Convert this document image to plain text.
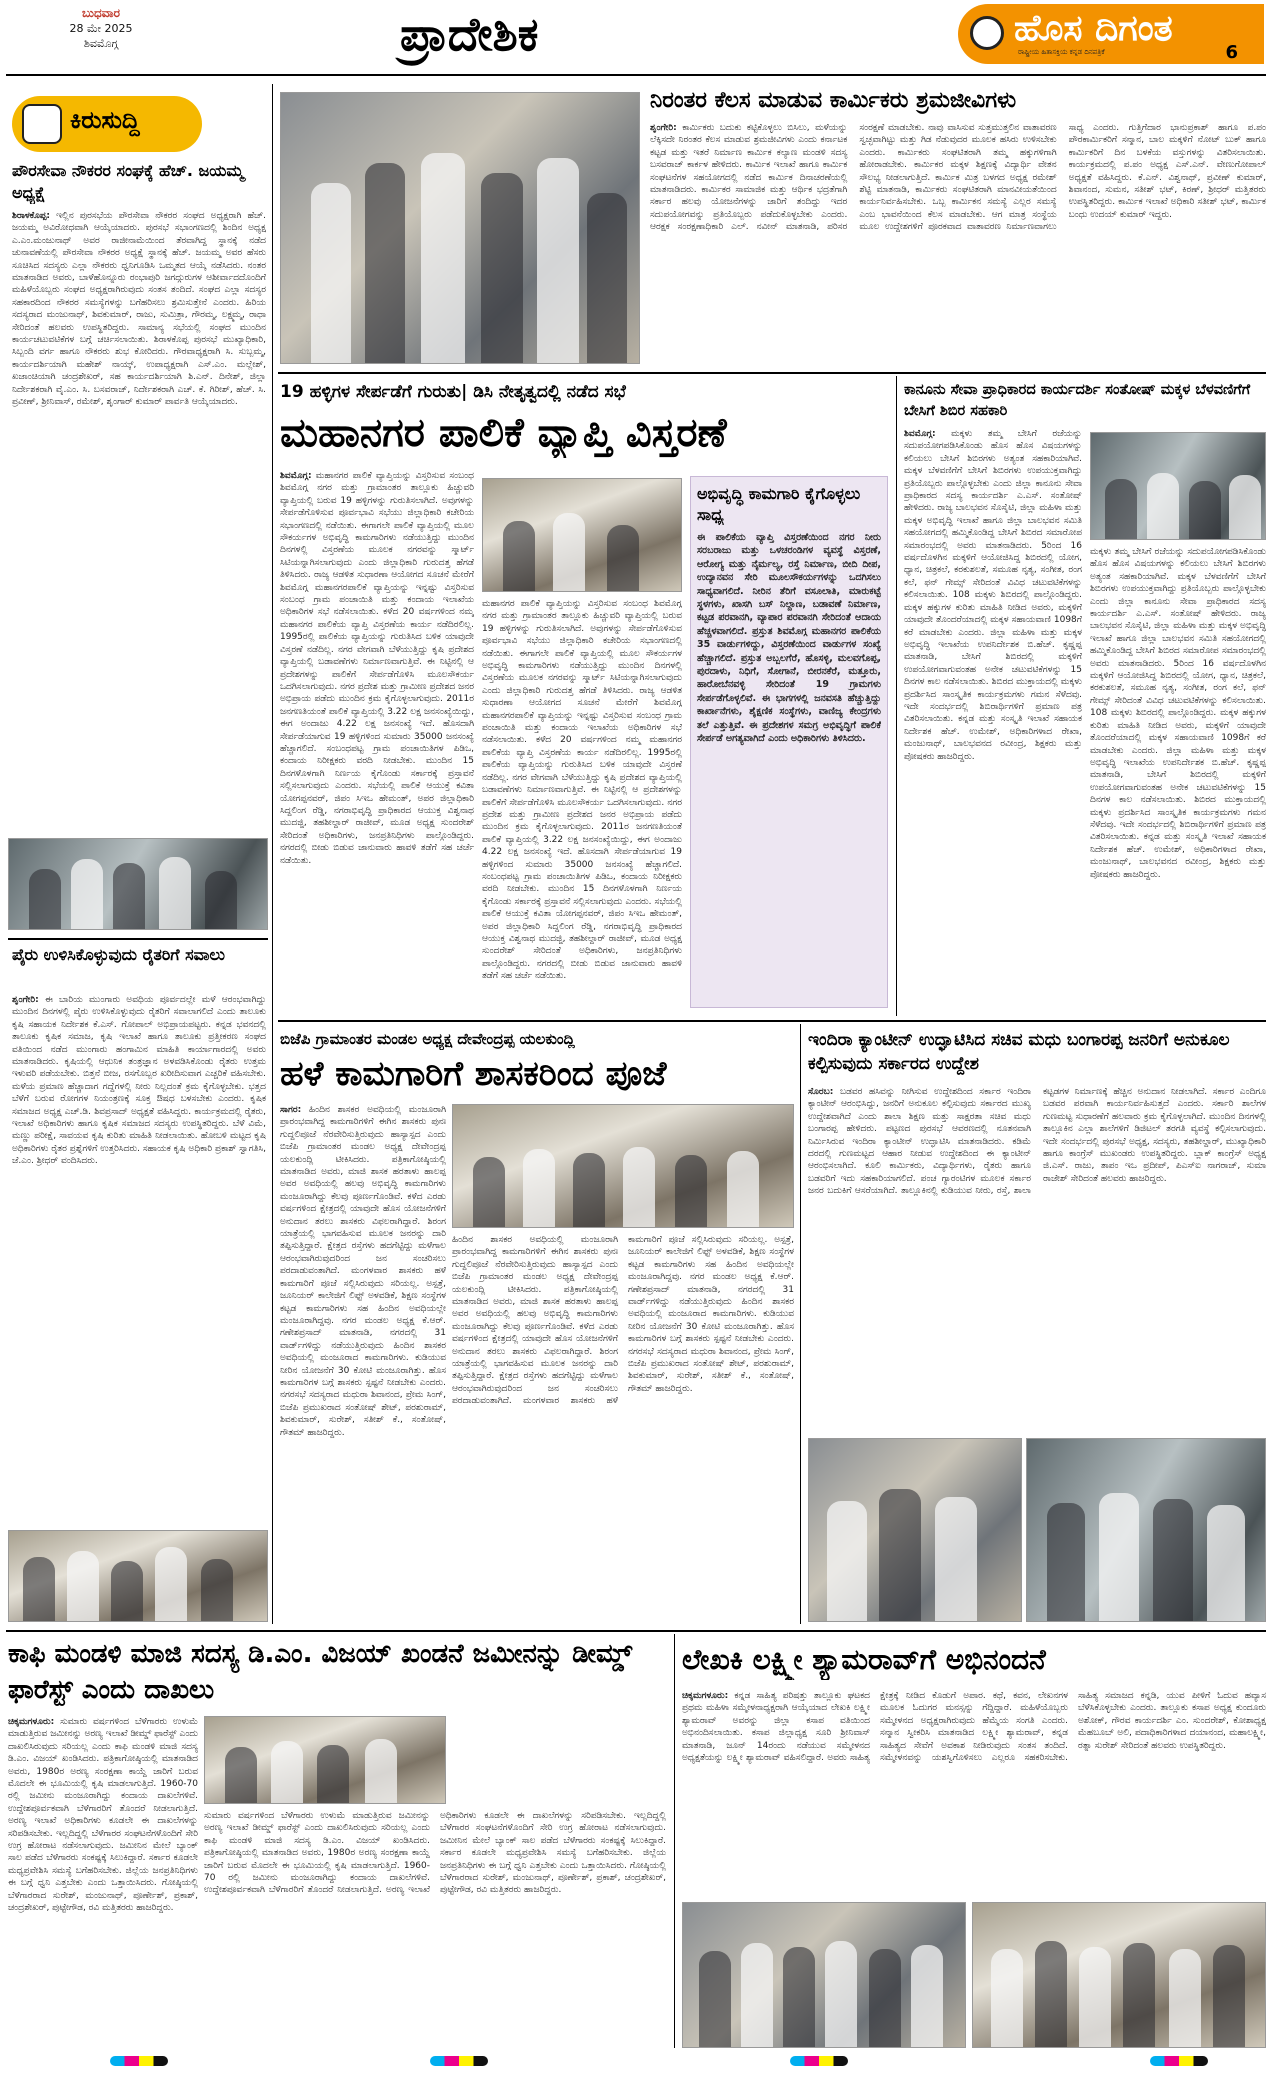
ಬುಧವಾರ
28 ಮೇ 2025
ಶಿವಮೊಗ್ಗ	ಪ್ರಾದೇಶಿಕ	ಹೊಸ ದಿಗಂತ
ರಾಷ್ಟ್ರೀಯ ಹಿತಾಸಕ್ತಿಯ ಕನ್ನಡ ದಿನಪತ್ರಿಕೆ	6
ಕಿರುಸುದ್ದಿ
ಪೌರಸೇವಾ ನೌಕರರ ಸಂಘಕ್ಕೆ ಹೆಚ್. ಜಯಮ್ಮ ಅಧ್ಯಕ್ಷೆ
ಶಿರಾಳಕೊಪ್ಪ: ಇಲ್ಲಿನ ಪುರಸಭೆಯ ಪೌರಸೇವಾ ನೌಕರರ ಸಂಘದ ಅಧ್ಯಕ್ಷರಾಗಿ ಹೆಚ್. ಜಯಮ್ಮ ಅವಿರೋಧವಾಗಿ ಆಯ್ಕೆಯಾದರು. ಪುರಸಭೆ ಸಭಾಂಗಣದಲ್ಲಿ ಶಿಂದಿನ ಅಧ್ಯಕ್ಷ ಎ.ಎಂ.ಮಂಜುನಾಥ್ ಅವರ ರಾಜೀನಾಮೆಯಿಂದ ತೆರವಾಗಿದ್ದ ಸ್ಥಾನಕ್ಕೆ ನಡೆದ ಚುನಾವಣೆಯಲ್ಲಿ ಪೌರಸೇವಾ ನೌಕರರ ಅಧ್ಯಕ್ಷೆ ಸ್ಥಾನಕ್ಕೆ ಹೆಚ್. ಜಯಮ್ಮ ಅವರ ಹೆಸರು ಸೂಚಿಸಿದ ಸದಸ್ಯರು ಎಲ್ಲಾ ನೌಕರರು ಧ್ವನಿಗೂಡಿಸಿ ಒಮ್ಮತದ ಆಯ್ಕೆ ನಡೆಸಿದರು. ನಂತರ ಮಾತನಾಡಿದ ಅವರು, ಬಾಳೆಹೊನ್ನೂರು ರಂಭಾಪುರಿ ಜಗದ್ಗುರುಗಳ ಆಶೀರ್ವಾದದೊಂದಿಗೆ ಮಹಿಳೆಯೊಬ್ಬರು ಸಂಘದ ಅಧ್ಯಕ್ಷರಾಗಿರುವುದು ಸಂತಸ ತಂದಿದೆ. ಸಂಘದ ಎಲ್ಲಾ ಸದಸ್ಯರ ಸಹಕಾರದಿಂದ ನೌಕರರ ಸಮಸ್ಯೆಗಳನ್ನು ಬಗೆಹರಿಸಲು ಶ್ರಮಿಸುತ್ತೇನೆ ಎಂದರು. ಹಿರಿಯ ಸದಸ್ಯರಾದ ಮಂಜುನಾಥ್, ಶಿವಕುಮಾರ್, ರಾಜು, ಸುಮಿತ್ರಾ, ಗೌರಮ್ಮ, ಲಕ್ಷ್ಮಮ್ಮ, ರಾಧಾ ಸೇರಿದಂತೆ ಹಲವರು ಉಪಸ್ಥಿತರಿದ್ದರು. ಸಾಮಾನ್ಯ ಸಭೆಯಲ್ಲಿ ಸಂಘದ ಮುಂದಿನ ಕಾರ್ಯಚಟುವಟಿಕೆಗಳ ಬಗ್ಗೆ ಚರ್ಚಿಸಲಾಯಿತು. ಶಿರಾಳಕೊಪ್ಪ ಪುರಸಭೆ ಮುಖ್ಯಾಧಿಕಾರಿ, ಸಿಬ್ಬಂದಿ ವರ್ಗ ಹಾಗೂ ನೌಕರರು ಶುಭ ಕೋರಿದರು. ಗೌರವಾಧ್ಯಕ್ಷರಾಗಿ ಸಿ. ಸುಬ್ಬಮ್ಮ, ಕಾರ್ಯದರ್ಶಿಯಾಗಿ ಮಹೇಶ್ ನಾಯ್ಕ್, ಉಪಾಧ್ಯಕ್ಷರಾಗಿ ಎಸ್.ಎಂ. ಮಲ್ಲೇಶ್, ಖಜಾಂಚಿಯಾಗಿ ಚಂದ್ರಶೇಖರ್, ಸಹ ಕಾರ್ಯದರ್ಶಿಯಾಗಿ ಶಿ.ಎನ್. ದಿನೇಶ್, ಜಿಲ್ಲಾ ನಿರ್ದೇಶಕರಾಗಿ ವೈ.ಎಂ. ಸಿ. ಬಸವರಾಜ್, ನಿರ್ದೇಶಕರಾಗಿ ಎಚ್. ಕೆ. ಗಿರೀಶ್, ಹೆಚ್. ಸಿ. ಪ್ರವೀಣ್, ಶ್ರೀನಿವಾಸ್, ರಮೇಶ್, ಶೃಂಗಾರ್ ಕುಮಾರ್ ಪಾರ್ವತಿ ಆಯ್ಕೆಯಾದರು.
ಪೈರು ಉಳಿಸಿಕೊಳ್ಳುವುದು ರೈತರಿಗೆ ಸವಾಲು
ಶೃಂಗೇರಿ: ಈ ಬಾರಿಯ ಮುಂಗಾರು ಅವಧಿಯ ಪೂರ್ವದಲ್ಲೇ ಮಳೆ ಆರಂಭವಾಗಿದ್ದು ಮುಂದಿನ ದಿನಗಳಲ್ಲಿ ಪೈರು ಉಳಿಸಿಕೊಳ್ಳುವುದು ರೈತರಿಗೆ ಸವಾಲಾಗಲಿದೆ ಎಂದು ತಾಲೂಕು ಕೃಷಿ ಸಹಾಯಕ ನಿರ್ದೇಶಕ ಕೆ.ಎಸ್. ಗೋಪಾಲ್ ಅಭಿಪ್ರಾಯಪಟ್ಟರು. ಕನ್ನಡ ಭವನದಲ್ಲಿ ತಾಲೂಕು ಕೃಷಿಕ ಸಮಾಜ, ಕೃಷಿ ಇಲಾಖೆ ಹಾಗೂ ತಾಲೂಕು ಪ್ರತ್ತೀಕರಣ ಸಂಘದ ವತಿಯಿಂದ ನಡೆದ ಮುಂಗಾರು ಹಂಗಾಮಿನ ಮಾಹಿತಿ ಕಾರ್ಯಾಗಾರದಲ್ಲಿ ಅವರು ಮಾತನಾಡಿದರು. ಕೃಷಿಯಲ್ಲಿ ಆಧುನಿಕ ತಂತ್ರಜ್ಞಾನ ಅಳವಡಿಸಿಕೊಂಡು ರೈತರು ಉತ್ತಮ ಇಳುವರಿ ಪಡೆಯಬೇಕು. ಬಿತ್ತನೆ ಬೀಜ, ರಸಗೊಬ್ಬರ ಖರೀದಿಸುವಾಗ ಎಚ್ಚರಿಕೆ ವಹಿಸಬೇಕು. ಮಳೆಯ ಪ್ರಮಾಣ ಹೆಚ್ಚಾದಾಗ ಗದ್ದೆಗಳಲ್ಲಿ ನೀರು ನಿಲ್ಲದಂತೆ ಕ್ರಮ ಕೈಗೊಳ್ಳಬೇಕು. ಭತ್ತದ ಬೆಳೆಗೆ ಬರುವ ರೋಗಗಳ ನಿಯಂತ್ರಣಕ್ಕೆ ಸೂಕ್ತ ಔಷಧ ಬಳಸಬೇಕು ಎಂದರು. ಕೃಷಿಕ ಸಮಾಜದ ಅಧ್ಯಕ್ಷ ಎಚ್.ಡಿ. ಶಿವಪ್ರಸಾದ್ ಅಧ್ಯಕ್ಷತೆ ವಹಿಸಿದ್ದರು. ಕಾರ್ಯಕ್ರಮದಲ್ಲಿ ರೈತರು, ಇಲಾಖೆ ಅಧಿಕಾರಿಗಳು ಹಾಗೂ ಕೃಷಿಕ ಸಮಾಜದ ಸದಸ್ಯರು ಉಪಸ್ಥಿತರಿದ್ದರು. ಬೆಳೆ ವಿಮೆ, ಮಣ್ಣು ಪರೀಕ್ಷೆ, ಸಾವಯವ ಕೃಷಿ ಕುರಿತು ಮಾಹಿತಿ ನೀಡಲಾಯಿತು. ಹೋಬಳಿ ಮಟ್ಟದ ಕೃಷಿ ಅಧಿಕಾರಿಗಳು ರೈತರ ಪ್ರಶ್ನೆಗಳಿಗೆ ಉತ್ತರಿಸಿದರು. ಸಹಾಯಕ ಕೃಷಿ ಅಧಿಕಾರಿ ಪ್ರಕಾಶ್ ಸ್ವಾಗತಿಸಿ, ಜೆ.ಎಂ. ಶ್ರೀಧರ್ ವಂದಿಸಿದರು.
ನಿರಂತರ ಕೆಲಸ ಮಾಡುವ ಕಾರ್ಮಿಕರು ಶ್ರಮಜೀವಿಗಳು
ಶೃಂಗೇರಿ: ಕಾರ್ಮಿಕರು ಬದುಕು ಕಟ್ಟಿಕೊಳ್ಳಲು ಬಿಸಿಲು, ಮಳೆಯನ್ನು ಲೆಕ್ಕಿಸದೇ ನಿರಂತರ ಕೆಲಸ ಮಾಡುವ ಶ್ರಮಜೀವಿಗಳು ಎಂದು ಕರ್ನಾಟಕ ಕಟ್ಟಡ ಮತ್ತು ಇತರೆ ನಿರ್ಮಾಣ ಕಾರ್ಮಿಕ ಕಲ್ಯಾಣ ಮಂಡಳಿ ಸದಸ್ಯ ಬಸವರಾಜ್ ಕಾರ್ಕಳ ಹೇಳಿದರು. ಕಾರ್ಮಿಕ ಇಲಾಖೆ ಹಾಗೂ ಕಾರ್ಮಿಕ ಸಂಘಟನೆಗಳ ಸಹಯೋಗದಲ್ಲಿ ನಡೆದ ಕಾರ್ಮಿಕ ದಿನಾಚರಣೆಯಲ್ಲಿ ಮಾತನಾಡಿದರು. ಕಾರ್ಮಿಕರ ಸಾಮಾಜಿಕ ಮತ್ತು ಆರ್ಥಿಕ ಭದ್ರತೆಗಾಗಿ ಸರ್ಕಾರ ಹಲವು ಯೋಜನೆಗಳನ್ನು ಜಾರಿಗೆ ತಂದಿದ್ದು ಇದರ ಸದುಪಯೋಗವನ್ನು ಪ್ರತಿಯೊಬ್ಬರು ಪಡೆದುಕೊಳ್ಳಬೇಕು ಎಂದರು. ಆರಕ್ಷಕ ಸಂರಕ್ಷಣಾಧಿಕಾರಿ ಎಲ್. ನವೀನ್ ಮಾತನಾಡಿ, ಪರಿಸರ ಸಂರಕ್ಷಣೆ ಮಾಡಬೇಕು. ನಾವು ವಾಸಿಸುವ ಸುತ್ತಮುತ್ತಲಿನ ವಾತಾವರಣ ಸ್ವಚ್ಛವಾಗಿಟ್ಟು ಮತ್ತು ಗಿಡ ನೆಡುವುದರ ಮೂಲಕ ಹಸಿರು ಉಳಿಸಬೇಕು ಎಂದರು. ಕಾರ್ಮಿಕರು ಸಂಘಟಿತರಾಗಿ ತಮ್ಮ ಹಕ್ಕುಗಳಿಗಾಗಿ ಹೋರಾಡಬೇಕು. ಕಾರ್ಮಿಕರ ಮಕ್ಕಳ ಶಿಕ್ಷಣಕ್ಕೆ ವಿದ್ಯಾರ್ಥಿ ವೇತನ ಸೌಲಭ್ಯ ನೀಡಲಾಗುತ್ತಿದೆ. ಕಾರ್ಮಿಕ ಮಿತ್ರ ಬಳಗದ ಅಧ್ಯಕ್ಷ ರಮೇಶ್ ಶೆಟ್ಟಿ ಮಾತನಾಡಿ, ಕಾರ್ಮಿಕರು ಸಂಘಟಿತರಾಗಿ ಮಾನವೀಯತೆಯಿಂದ ಕಾರ್ಯನಿರ್ವಹಿಸಬೇಕು. ಒಬ್ಬ ಕಾರ್ಮಿಕನ ಸಮಸ್ಯೆ ಎಲ್ಲರ ಸಮಸ್ಯೆ ಎಂಬ ಭಾವನೆಯಿಂದ ಕೆಲಸ ಮಾಡಬೇಕು. ಆಗ ಮಾತ್ರ ಸಂಸ್ಥೆಯ ಮೂಲ ಉದ್ದೇಶಗಳಿಗೆ ಪೂರಕವಾದ ವಾತಾವರಣ ನಿರ್ಮಾಣವಾಗಲು ಸಾಧ್ಯ ಎಂದರು. ಗುತ್ತಿಗೆದಾರ ಭಾನುಪ್ರಕಾಶ್ ಹಾಗೂ ಪ.ಪಂ ಪೌರಕಾರ್ಮಿಕರಿಗೆ ಸನ್ಮಾನ, ಬಾಲ ಮಕ್ಕಳಿಗೆ ನೋಟ್ ಬುಕ್ ಹಾಗೂ ಕಾರ್ಮಿಕರಿಗೆ ದಿನ ಬಳಕೆಯ ವಸ್ತುಗಳನ್ನು ವಿತರಿಸಲಾಯಿತು. ಕಾರ್ಯಕ್ರಮದಲ್ಲಿ ಪ.ಪಂ ಅಧ್ಯಕ್ಷ ಎಸ್.ಎನ್. ವೇಣುಗೋಪಾಲ್ ಅಧ್ಯಕ್ಷತೆ ವಹಿಸಿದ್ದರು. ಕೆ.ಎನ್. ವಿಶ್ವನಾಥ್, ಪ್ರವೀಣ್ ಕುಮಾರ್, ಶಿವಾನಂದ, ಸುಮನ, ಸತೀಶ್ ಭಟ್, ಕಿರಣ್, ಶ್ರೀಧರ್ ಮತ್ತಿತರರು ಉಪಸ್ಥಿತರಿದ್ದರು. ಕಾರ್ಮಿಕ ಇಲಾಖೆ ಅಧಿಕಾರಿ ಸತೀಶ್ ಭಟ್, ಕಾರ್ಮಿಕ ಬಂಧು ಉದಯ್ ಕುಮಾರ್ ಇದ್ದರು.
19 ಹಳ್ಳಿಗಳ ಸೇರ್ಪಡೆಗೆ ಗುರುತು| ಡಿಸಿ ನೇತೃತ್ವದಲ್ಲಿ ನಡೆದ ಸಭೆ
ಮಹಾನಗರ ಪಾಲಿಕೆ ವ್ಯಾಪ್ತಿ ವಿಸ್ತರಣೆ
ಶಿವಮೊಗ್ಗ: ಮಹಾನಗರ ಪಾಲಿಕೆ ವ್ಯಾಪ್ತಿಯನ್ನು ವಿಸ್ತರಿಸುವ ಸಂಬಂಧ ಶಿವಮೊಗ್ಗ ನಗರ ಮತ್ತು ಗ್ರಾಮಾಂತರ ತಾಲ್ಲೂಕು ಹಿಚ್ಚುವರಿ ವ್ಯಾಪ್ತಿಯಲ್ಲಿ ಬರುವ 19 ಹಳ್ಳಿಗಳನ್ನು ಗುರುತಿಸಲಾಗಿದೆ. ಅವುಗಳನ್ನು ಸೇರ್ಪಡೆಗೊಳಿಸುವ ಪೂರ್ವಭಾವಿ ಸಭೆಯು ಜಿಲ್ಲಾಧಿಕಾರಿ ಕಚೇರಿಯ ಸಭಾಂಗಣದಲ್ಲಿ ನಡೆಯಿತು. ಈಗಾಗಲೇ ಪಾಲಿಕೆ ವ್ಯಾಪ್ತಿಯಲ್ಲಿ ಮೂಲ ಸೌಕರ್ಯಗಳ ಅಭಿವೃದ್ಧಿ ಕಾಮಗಾರಿಗಳು ನಡೆಯುತ್ತಿದ್ದು ಮುಂದಿನ ದಿನಗಳಲ್ಲಿ ವಿಸ್ತರಣೆಯ ಮೂಲಕ ನಗರವನ್ನು ಸ್ಮಾರ್ಟ್ ಸಿಟಿಯನ್ನಾಗಿಸಲಾಗುವುದು ಎಂದು ಜಿಲ್ಲಾಧಿಕಾರಿ ಗುರುದತ್ತ ಹೆಗಡೆ ತಿಳಿಸಿದರು. ರಾಜ್ಯ ಆಡಳಿತ ಸುಧಾರಣಾ ಆಯೋಗದ ಸೂಚನೆ ಮೇರೆಗೆ ಶಿವಮೊಗ್ಗ ಮಹಾನಗರಪಾಲಿಕೆ ವ್ಯಾಪ್ತಿಯನ್ನು ಇನ್ನಷ್ಟು ವಿಸ್ತರಿಸುವ ಸಂಬಂಧ ಗ್ರಾಮ ಪಂಚಾಯಿತಿ ಮತ್ತು ಕಂದಾಯ ಇಲಾಖೆಯ ಅಧಿಕಾರಿಗಳ ಸಭೆ ನಡೆಸಲಾಯಿತು. ಕಳೆದ 20 ವರ್ಷಗಳಿಂದ ನಮ್ಮ ಮಹಾನಗರ ಪಾಲಿಕೆಯ ವ್ಯಾಪ್ತಿ ವಿಸ್ತರಣೆಯ ಕಾರ್ಯ ನಡೆದಿರಲಿಲ್ಲ. 1995ರಲ್ಲಿ ಪಾಲಿಕೆಯ ವ್ಯಾಪ್ತಿಯನ್ನು ಗುರುತಿಸಿದ ಬಳಿಕ ಯಾವುದೇ ವಿಸ್ತರಣೆ ನಡೆದಿಲ್ಲ. ನಗರ ವೇಗವಾಗಿ ಬೆಳೆಯುತ್ತಿದ್ದು ಕೃಷಿ ಪ್ರದೇಶದ ವ್ಯಾಪ್ತಿಯಲ್ಲಿ ಬಡಾವಣೆಗಳು ನಿರ್ಮಾಣವಾಗುತ್ತಿವೆ. ಈ ನಿಟ್ಟಿನಲ್ಲಿ ಆ ಪ್ರದೇಶಗಳನ್ನು ಪಾಲಿಕೆಗೆ ಸೇರ್ಪಡೆಗೊಳಿಸಿ ಮೂಲಸೌಕರ್ಯ ಒದಗಿಸಲಾಗುವುದು. ನಗರ ಪ್ರದೇಶ ಮತ್ತು ಗ್ರಾಮೀಣ ಪ್ರದೇಶದ ಜನರ ಅಭಿಪ್ರಾಯ ಪಡೆದು ಮುಂದಿನ ಕ್ರಮ ಕೈಗೊಳ್ಳಲಾಗುವುದು. 2011ರ ಜನಗಣತಿಯಂತೆ ಪಾಲಿಕೆ ವ್ಯಾಪ್ತಿಯಲ್ಲಿ 3.22 ಲಕ್ಷ ಜನಸಂಖ್ಯೆಯಿದ್ದು, ಈಗ ಅಂದಾಜು 4.22 ಲಕ್ಷ ಜನಸಂಖ್ಯೆ ಇದೆ. ಹೊಸದಾಗಿ ಸೇರ್ಪಡೆಯಾಗುವ 19 ಹಳ್ಳಿಗಳಿಂದ ಸುಮಾರು 35000 ಜನಸಂಖ್ಯೆ ಹೆಚ್ಚಾಗಲಿದೆ. ಸಂಬಂಧಪಟ್ಟ ಗ್ರಾಮ ಪಂಚಾಯಿತಿಗಳ ಪಿಡಿಒ, ಕಂದಾಯ ನಿರೀಕ್ಷಕರು ವರದಿ ನೀಡಬೇಕು. ಮುಂದಿನ 15 ದಿನಗಳೊಳಗಾಗಿ ನಿರ್ಣಯ ಕೈಗೊಂಡು ಸರ್ಕಾರಕ್ಕೆ ಪ್ರಸ್ತಾವನೆ ಸಲ್ಲಿಸಲಾಗುವುದು ಎಂದರು. ಸಭೆಯಲ್ಲಿ ಪಾಲಿಕೆ ಆಯುಕ್ತೆ ಕವಿತಾ ಯೋಗಪ್ಪನವರ್, ಜಿಪಂ ಸಿಇಒ ಹೇಮಂತ್, ಅಪರ ಜಿಲ್ಲಾಧಿಕಾರಿ ಸಿದ್ದಲಿಂಗ ರೆಡ್ಡಿ, ನಗರಾಭಿವೃದ್ಧಿ ಪ್ರಾಧಿಕಾರದ ಆಯುಕ್ತ ವಿಶ್ವನಾಥ ಮುದಜ್ಜಿ, ತಹಶೀಲ್ದಾರ್ ರಾಜೀವ್, ಮೂಡ ಅಧ್ಯಕ್ಷ ಸುಂದರೇಶ್ ಸೇರಿದಂತೆ ಅಧಿಕಾರಿಗಳು, ಜನಪ್ರತಿನಿಧಿಗಳು ಪಾಲ್ಗೊಂಡಿದ್ದರು. ನಗರದಲ್ಲಿ ಬೀಡು ಬಿಡುವ ಜಾನುವಾರು ಹಾವಳಿ ತಡೆಗೆ ಸಹ ಚರ್ಚೆ ನಡೆಯಿತು.
ಮಹಾನಗರ ಪಾಲಿಕೆ ವ್ಯಾಪ್ತಿಯನ್ನು ವಿಸ್ತರಿಸುವ ಸಂಬಂಧ ಶಿವಮೊಗ್ಗ ನಗರ ಮತ್ತು ಗ್ರಾಮಾಂತರ ತಾಲ್ಲೂಕು ಹಿಚ್ಚುವರಿ ವ್ಯಾಪ್ತಿಯಲ್ಲಿ ಬರುವ 19 ಹಳ್ಳಿಗಳನ್ನು ಗುರುತಿಸಲಾಗಿದೆ. ಅವುಗಳನ್ನು ಸೇರ್ಪಡೆಗೊಳಿಸುವ ಪೂರ್ವಭಾವಿ ಸಭೆಯು ಜಿಲ್ಲಾಧಿಕಾರಿ ಕಚೇರಿಯ ಸಭಾಂಗಣದಲ್ಲಿ ನಡೆಯಿತು. ಈಗಾಗಲೇ ಪಾಲಿಕೆ ವ್ಯಾಪ್ತಿಯಲ್ಲಿ ಮೂಲ ಸೌಕರ್ಯಗಳ ಅಭಿವೃದ್ಧಿ ಕಾಮಗಾರಿಗಳು ನಡೆಯುತ್ತಿದ್ದು ಮುಂದಿನ ದಿನಗಳಲ್ಲಿ ವಿಸ್ತರಣೆಯ ಮೂಲಕ ನಗರವನ್ನು ಸ್ಮಾರ್ಟ್ ಸಿಟಿಯನ್ನಾಗಿಸಲಾಗುವುದು ಎಂದು ಜಿಲ್ಲಾಧಿಕಾರಿ ಗುರುದತ್ತ ಹೆಗಡೆ ತಿಳಿಸಿದರು. ರಾಜ್ಯ ಆಡಳಿತ ಸುಧಾರಣಾ ಆಯೋಗದ ಸೂಚನೆ ಮೇರೆಗೆ ಶಿವಮೊಗ್ಗ ಮಹಾನಗರಪಾಲಿಕೆ ವ್ಯಾಪ್ತಿಯನ್ನು ಇನ್ನಷ್ಟು ವಿಸ್ತರಿಸುವ ಸಂಬಂಧ ಗ್ರಾಮ ಪಂಚಾಯಿತಿ ಮತ್ತು ಕಂದಾಯ ಇಲಾಖೆಯ ಅಧಿಕಾರಿಗಳ ಸಭೆ ನಡೆಸಲಾಯಿತು. ಕಳೆದ 20 ವರ್ಷಗಳಿಂದ ನಮ್ಮ ಮಹಾನಗರ ಪಾಲಿಕೆಯ ವ್ಯಾಪ್ತಿ ವಿಸ್ತರಣೆಯ ಕಾರ್ಯ ನಡೆದಿರಲಿಲ್ಲ. 1995ರಲ್ಲಿ ಪಾಲಿಕೆಯ ವ್ಯಾಪ್ತಿಯನ್ನು ಗುರುತಿಸಿದ ಬಳಿಕ ಯಾವುದೇ ವಿಸ್ತರಣೆ ನಡೆದಿಲ್ಲ. ನಗರ ವೇಗವಾಗಿ ಬೆಳೆಯುತ್ತಿದ್ದು ಕೃಷಿ ಪ್ರದೇಶದ ವ್ಯಾಪ್ತಿಯಲ್ಲಿ ಬಡಾವಣೆಗಳು ನಿರ್ಮಾಣವಾಗುತ್ತಿವೆ. ಈ ನಿಟ್ಟಿನಲ್ಲಿ ಆ ಪ್ರದೇಶಗಳನ್ನು ಪಾಲಿಕೆಗೆ ಸೇರ್ಪಡೆಗೊಳಿಸಿ ಮೂಲಸೌಕರ್ಯ ಒದಗಿಸಲಾಗುವುದು. ನಗರ ಪ್ರದೇಶ ಮತ್ತು ಗ್ರಾಮೀಣ ಪ್ರದೇಶದ ಜನರ ಅಭಿಪ್ರಾಯ ಪಡೆದು ಮುಂದಿನ ಕ್ರಮ ಕೈಗೊಳ್ಳಲಾಗುವುದು. 2011ರ ಜನಗಣತಿಯಂತೆ ಪಾಲಿಕೆ ವ್ಯಾಪ್ತಿಯಲ್ಲಿ 3.22 ಲಕ್ಷ ಜನಸಂಖ್ಯೆಯಿದ್ದು, ಈಗ ಅಂದಾಜು 4.22 ಲಕ್ಷ ಜನಸಂಖ್ಯೆ ಇದೆ. ಹೊಸದಾಗಿ ಸೇರ್ಪಡೆಯಾಗುವ 19 ಹಳ್ಳಿಗಳಿಂದ ಸುಮಾರು 35000 ಜನಸಂಖ್ಯೆ ಹೆಚ್ಚಾಗಲಿದೆ. ಸಂಬಂಧಪಟ್ಟ ಗ್ರಾಮ ಪಂಚಾಯಿತಿಗಳ ಪಿಡಿಒ, ಕಂದಾಯ ನಿರೀಕ್ಷಕರು ವರದಿ ನೀಡಬೇಕು. ಮುಂದಿನ 15 ದಿನಗಳೊಳಗಾಗಿ ನಿರ್ಣಯ ಕೈಗೊಂಡು ಸರ್ಕಾರಕ್ಕೆ ಪ್ರಸ್ತಾವನೆ ಸಲ್ಲಿಸಲಾಗುವುದು ಎಂದರು. ಸಭೆಯಲ್ಲಿ ಪಾಲಿಕೆ ಆಯುಕ್ತೆ ಕವಿತಾ ಯೋಗಪ್ಪನವರ್, ಜಿಪಂ ಸಿಇಒ ಹೇಮಂತ್, ಅಪರ ಜಿಲ್ಲಾಧಿಕಾರಿ ಸಿದ್ದಲಿಂಗ ರೆಡ್ಡಿ, ನಗರಾಭಿವೃದ್ಧಿ ಪ್ರಾಧಿಕಾರದ ಆಯುಕ್ತ ವಿಶ್ವನಾಥ ಮುದಜ್ಜಿ, ತಹಶೀಲ್ದಾರ್ ರಾಜೀವ್, ಮೂಡ ಅಧ್ಯಕ್ಷ ಸುಂದರೇಶ್ ಸೇರಿದಂತೆ ಅಧಿಕಾರಿಗಳು, ಜನಪ್ರತಿನಿಧಿಗಳು ಪಾಲ್ಗೊಂಡಿದ್ದರು. ನಗರದಲ್ಲಿ ಬೀಡು ಬಿಡುವ ಜಾನುವಾರು ಹಾವಳಿ ತಡೆಗೆ ಸಹ ಚರ್ಚೆ ನಡೆಯಿತು.
ಅಭಿವೃದ್ಧಿ ಕಾಮಗಾರಿ ಕೈಗೊಳ್ಳಲು ಸಾಧ್ಯ
ಈ ಪಾಲಿಕೆಯ ವ್ಯಾಪ್ತಿ ವಿಸ್ತರಣೆಯಿಂದ ನಗರ ನೀರು ಸರಬರಾಜು ಮತ್ತು ಒಳಚರಂಡಿಗಳ ವ್ಯವಸ್ಥೆ ವಿಸ್ತರಣೆ, ಆರೋಗ್ಯ ಮತ್ತು ನೈರ್ಮಲ್ಯ, ರಸ್ತೆ ನಿರ್ಮಾಣ, ಬೀದಿ ದೀಪ, ಉದ್ಯಾನವನ ಸೇರಿ ಮೂಲಸೌಕರ್ಯಗಳನ್ನು ಒದಗಿಸಲು ಸಾಧ್ಯವಾಗಲಿದೆ. ನೀರಿನ ತೆರಿಗೆ ವಸೂಲಾತಿ, ಮಾರುಕಟ್ಟೆ ಸ್ಥಳಗಳು, ಖಾಸಗಿ ಬಸ್ ನಿಲ್ದಾಣ, ಬಡಾವಣೆ ನಿರ್ಮಾಣ, ಕಟ್ಟಡ ಪರವಾನಗಿ, ವ್ಯಾಪಾರ ಪರವಾನಗಿ ಸೇರಿದಂತೆ ಆದಾಯ ಹೆಚ್ಚಳವಾಗಲಿದೆ. ಪ್ರಸ್ತುತ ಶಿವಮೊಗ್ಗ ಮಹಾನಗರ ಪಾಲಿಕೆಯ 35 ವಾರ್ಡುಗಳಿದ್ದು, ವಿಸ್ತರಣೆಯಿಂದ ವಾರ್ಡುಗಳ ಸಂಖ್ಯೆ ಹೆಚ್ಚಾಗಲಿದೆ. ಪ್ರಸ್ತುತ ಅಬ್ಬಲಗೆರೆ, ಹೊಸಳ್ಳಿ, ಮಲವಗೊಪ್ಪ, ಪುರದಾಳು, ನಿಧಿಗೆ, ಸೋಗಾನೆ, ಬೀರನಕೆರೆ, ಮತ್ತೂರು, ಹಾರೋಬೆನವಳ್ಳಿ ಸೇರಿದಂತೆ 19 ಗ್ರಾಮಗಳು ಸೇರ್ಪಡೆಗೊಳ್ಳಲಿವೆ. ಈ ಭಾಗಗಳಲ್ಲಿ ಜನವಸತಿ ಹೆಚ್ಚುತ್ತಿದ್ದು ಕಾರ್ಖಾನೆಗಳು, ಶೈಕ್ಷಣಿಕ ಸಂಸ್ಥೆಗಳು, ವಾಣಿಜ್ಯ ಕೇಂದ್ರಗಳು ತಲೆ ಎತ್ತುತ್ತಿವೆ. ಈ ಪ್ರದೇಶಗಳ ಸಮಗ್ರ ಅಭಿವೃದ್ಧಿಗೆ ಪಾಲಿಕೆ ಸೇರ್ಪಡೆ ಅಗತ್ಯವಾಗಿದೆ ಎಂದು ಅಧಿಕಾರಿಗಳು ತಿಳಿಸಿದರು.
ಕಾನೂನು ಸೇವಾ ಪ್ರಾಧಿಕಾರದ ಕಾರ್ಯದರ್ಶಿ ಸಂತೋಷ್ ಮಕ್ಕಳ ಬೆಳವಣಿಗೆಗೆ ಬೇಸಿಗೆ ಶಿಬಿರ ಸಹಕಾರಿ
ಶಿವಮೊಗ್ಗ: ಮಕ್ಕಳು ತಮ್ಮ ಬೇಸಿಗೆ ರಜೆಯನ್ನು ಸದುಪಯೋಗಪಡಿಸಿಕೊಂಡು ಹೊಸ ಹೊಸ ವಿಷಯಗಳನ್ನು ಕಲಿಯಲು ಬೇಸಿಗೆ ಶಿಬಿರಗಳು ಅತ್ಯಂತ ಸಹಕಾರಿಯಾಗಿವೆ. ಮಕ್ಕಳ ಬೆಳವಣಿಗೆಗೆ ಬೇಸಿಗೆ ಶಿಬಿರಗಳು ಉಪಯುಕ್ತವಾಗಿದ್ದು ಪ್ರತಿಯೊಬ್ಬರು ಪಾಲ್ಗೊಳ್ಳಬೇಕು ಎಂದು ಜಿಲ್ಲಾ ಕಾನೂನು ಸೇವಾ ಪ್ರಾಧಿಕಾರದ ಸದಸ್ಯ ಕಾರ್ಯದರ್ಶಿ ಎ.ಎಸ್. ಸಂತೋಷ್ ಹೇಳಿದರು. ರಾಜ್ಯ ಬಾಲಭವನ ಸೊಸೈಟಿ, ಜಿಲ್ಲಾ ಮಹಿಳಾ ಮತ್ತು ಮಕ್ಕಳ ಅಭಿವೃದ್ಧಿ ಇಲಾಖೆ ಹಾಗೂ ಜಿಲ್ಲಾ ಬಾಲಭವನ ಸಮಿತಿ ಸಹಯೋಗದಲ್ಲಿ ಹಮ್ಮಿಕೊಂಡಿದ್ದ ಬೇಸಿಗೆ ಶಿಬಿರದ ಸಮಾರೋಪ ಸಮಾರಂಭದಲ್ಲಿ ಅವರು ಮಾತನಾಡಿದರು. 5ರಿಂದ 16 ವರ್ಷದೊಳಗಿನ ಮಕ್ಕಳಿಗೆ ಆಯೋಜಿಸಿದ್ದ ಶಿಬಿರದಲ್ಲಿ ಯೋಗ, ಧ್ಯಾನ, ಚಿತ್ರಕಲೆ, ಕರಕುಶಲತೆ, ಸಮೂಹ ನೃತ್ಯ, ಸಂಗೀತ, ರಂಗ ಕಲೆ, ಫನ್ ಗೇಮ್ಸ್ ಸೇರಿದಂತೆ ವಿವಿಧ ಚಟುವಟಿಕೆಗಳನ್ನು ಕಲಿಸಲಾಯಿತು. 108 ಮಕ್ಕಳು ಶಿಬಿರದಲ್ಲಿ ಪಾಲ್ಗೊಂಡಿದ್ದರು. ಮಕ್ಕಳ ಹಕ್ಕುಗಳ ಕುರಿತು ಮಾಹಿತಿ ನೀಡಿದ ಅವರು, ಮಕ್ಕಳಿಗೆ ಯಾವುದೇ ತೊಂದರೆಯಾದಲ್ಲಿ ಮಕ್ಕಳ ಸಹಾಯವಾಣಿ 1098ಗೆ ಕರೆ ಮಾಡಬೇಕು ಎಂದರು. ಜಿಲ್ಲಾ ಮಹಿಳಾ ಮತ್ತು ಮಕ್ಕಳ ಅಭಿವೃದ್ಧಿ ಇಲಾಖೆಯ ಉಪನಿರ್ದೇಶಕ ಬಿ.ಹೆಚ್. ಕೃಷ್ಣಪ್ಪ ಮಾತನಾಡಿ, ಬೇಸಿಗೆ ಶಿಬಿರದಲ್ಲಿ ಮಕ್ಕಳಿಗೆ ಉಪಯೋಗವಾಗುವಂತಹ ಅನೇಕ ಚಟುವಟಿಕೆಗಳನ್ನು 15 ದಿನಗಳ ಕಾಲ ನಡೆಸಲಾಯಿತು. ಶಿಬಿರದ ಮುಕ್ತಾಯದಲ್ಲಿ ಮಕ್ಕಳು ಪ್ರದರ್ಶಿಸಿದ ಸಾಂಸ್ಕೃತಿಕ ಕಾರ್ಯಕ್ರಮಗಳು ಗಮನ ಸೆಳೆದವು. ಇದೇ ಸಂದರ್ಭದಲ್ಲಿ ಶಿಬಿರಾರ್ಥಿಗಳಿಗೆ ಪ್ರಮಾಣ ಪತ್ರ ವಿತರಿಸಲಾಯಿತು. ಕನ್ನಡ ಮತ್ತು ಸಂಸ್ಕೃತಿ ಇಲಾಖೆ ಸಹಾಯಕ ನಿರ್ದೇಶಕ ಹೆಚ್. ಉಮೇಶ್, ಅಧಿಕಾರಿಗಳಾದ ರೇಖಾ, ಮಂಜುನಾಥ್, ಬಾಲಭವನದ ರವೀಂದ್ರ, ಶಿಕ್ಷಕರು ಮತ್ತು ಪೋಷಕರು ಹಾಜರಿದ್ದರು.
ಮಕ್ಕಳು ತಮ್ಮ ಬೇಸಿಗೆ ರಜೆಯನ್ನು ಸದುಪಯೋಗಪಡಿಸಿಕೊಂಡು ಹೊಸ ಹೊಸ ವಿಷಯಗಳನ್ನು ಕಲಿಯಲು ಬೇಸಿಗೆ ಶಿಬಿರಗಳು ಅತ್ಯಂತ ಸಹಕಾರಿಯಾಗಿವೆ. ಮಕ್ಕಳ ಬೆಳವಣಿಗೆಗೆ ಬೇಸಿಗೆ ಶಿಬಿರಗಳು ಉಪಯುಕ್ತವಾಗಿದ್ದು ಪ್ರತಿಯೊಬ್ಬರು ಪಾಲ್ಗೊಳ್ಳಬೇಕು ಎಂದು ಜಿಲ್ಲಾ ಕಾನೂನು ಸೇವಾ ಪ್ರಾಧಿಕಾರದ ಸದಸ್ಯ ಕಾರ್ಯದರ್ಶಿ ಎ.ಎಸ್. ಸಂತೋಷ್ ಹೇಳಿದರು. ರಾಜ್ಯ ಬಾಲಭವನ ಸೊಸೈಟಿ, ಜಿಲ್ಲಾ ಮಹಿಳಾ ಮತ್ತು ಮಕ್ಕಳ ಅಭಿವೃದ್ಧಿ ಇಲಾಖೆ ಹಾಗೂ ಜಿಲ್ಲಾ ಬಾಲಭವನ ಸಮಿತಿ ಸಹಯೋಗದಲ್ಲಿ ಹಮ್ಮಿಕೊಂಡಿದ್ದ ಬೇಸಿಗೆ ಶಿಬಿರದ ಸಮಾರೋಪ ಸಮಾರಂಭದಲ್ಲಿ ಅವರು ಮಾತನಾಡಿದರು. 5ರಿಂದ 16 ವರ್ಷದೊಳಗಿನ ಮಕ್ಕಳಿಗೆ ಆಯೋಜಿಸಿದ್ದ ಶಿಬಿರದಲ್ಲಿ ಯೋಗ, ಧ್ಯಾನ, ಚಿತ್ರಕಲೆ, ಕರಕುಶಲತೆ, ಸಮೂಹ ನೃತ್ಯ, ಸಂಗೀತ, ರಂಗ ಕಲೆ, ಫನ್ ಗೇಮ್ಸ್ ಸೇರಿದಂತೆ ವಿವಿಧ ಚಟುವಟಿಕೆಗಳನ್ನು ಕಲಿಸಲಾಯಿತು. 108 ಮಕ್ಕಳು ಶಿಬಿರದಲ್ಲಿ ಪಾಲ್ಗೊಂಡಿದ್ದರು. ಮಕ್ಕಳ ಹಕ್ಕುಗಳ ಕುರಿತು ಮಾಹಿತಿ ನೀಡಿದ ಅವರು, ಮಕ್ಕಳಿಗೆ ಯಾವುದೇ ತೊಂದರೆಯಾದಲ್ಲಿ ಮಕ್ಕಳ ಸಹಾಯವಾಣಿ 1098ಗೆ ಕರೆ ಮಾಡಬೇಕು ಎಂದರು. ಜಿಲ್ಲಾ ಮಹಿಳಾ ಮತ್ತು ಮಕ್ಕಳ ಅಭಿವೃದ್ಧಿ ಇಲಾಖೆಯ ಉಪನಿರ್ದೇಶಕ ಬಿ.ಹೆಚ್. ಕೃಷ್ಣಪ್ಪ ಮಾತನಾಡಿ, ಬೇಸಿಗೆ ಶಿಬಿರದಲ್ಲಿ ಮಕ್ಕಳಿಗೆ ಉಪಯೋಗವಾಗುವಂತಹ ಅನೇಕ ಚಟುವಟಿಕೆಗಳನ್ನು 15 ದಿನಗಳ ಕಾಲ ನಡೆಸಲಾಯಿತು. ಶಿಬಿರದ ಮುಕ್ತಾಯದಲ್ಲಿ ಮಕ್ಕಳು ಪ್ರದರ್ಶಿಸಿದ ಸಾಂಸ್ಕೃತಿಕ ಕಾರ್ಯಕ್ರಮಗಳು ಗಮನ ಸೆಳೆದವು. ಇದೇ ಸಂದರ್ಭದಲ್ಲಿ ಶಿಬಿರಾರ್ಥಿಗಳಿಗೆ ಪ್ರಮಾಣ ಪತ್ರ ವಿತರಿಸಲಾಯಿತು. ಕನ್ನಡ ಮತ್ತು ಸಂಸ್ಕೃತಿ ಇಲಾಖೆ ಸಹಾಯಕ ನಿರ್ದೇಶಕ ಹೆಚ್. ಉಮೇಶ್, ಅಧಿಕಾರಿಗಳಾದ ರೇಖಾ, ಮಂಜುನಾಥ್, ಬಾಲಭವನದ ರವೀಂದ್ರ, ಶಿಕ್ಷಕರು ಮತ್ತು ಪೋಷಕರು ಹಾಜರಿದ್ದರು.
ಬಿಜೆಪಿ ಗ್ರಾಮಾಂತರ ಮಂಡಲ ಅಧ್ಯಕ್ಷ ದೇವೇಂದ್ರಪ್ಪ ಯಲಕುಂದ್ಲಿ
ಹಳೆ ಕಾಮಗಾರಿಗೆ ಶಾಸಕರಿಂದ ಪೂಜೆ
ಸಾಗರ: ಹಿಂದಿನ ಶಾಸಕರ ಅವಧಿಯಲ್ಲಿ ಮಂಜೂರಾಗಿ ಪ್ರಾರಂಭವಾಗಿದ್ದ ಕಾಮಗಾರಿಗಳಿಗೆ ಈಗಿನ ಶಾಸಕರು ಪುನಃ ಗುದ್ದಲಿಪೂಜೆ ನೆರವೇರಿಸುತ್ತಿರುವುದು ಹಾಸ್ಯಾಸ್ಪದ ಎಂದು ಬಿಜೆಪಿ ಗ್ರಾಮಾಂತರ ಮಂಡಲ ಅಧ್ಯಕ್ಷ ದೇವೇಂದ್ರಪ್ಪ ಯಲಕುಂದ್ಲಿ ಟೀಕಿಸಿದರು. ಪತ್ರಿಕಾಗೋಷ್ಠಿಯಲ್ಲಿ ಮಾತನಾಡಿದ ಅವರು, ಮಾಜಿ ಶಾಸಕ ಹರತಾಳು ಹಾಲಪ್ಪ ಅವರ ಅವಧಿಯಲ್ಲಿ ಹಲವು ಅಭಿವೃದ್ಧಿ ಕಾಮಗಾರಿಗಳು ಮಂಜೂರಾಗಿದ್ದು ಕೆಲವು ಪೂರ್ಣಗೊಂಡಿವೆ. ಕಳೆದ ಎರಡು ವರ್ಷಗಳಿಂದ ಕ್ಷೇತ್ರದಲ್ಲಿ ಯಾವುದೇ ಹೊಸ ಯೋಜನೆಗಳಿಗೆ ಅನುದಾನ ತರಲು ಶಾಸಕರು ವಿಫಲರಾಗಿದ್ದಾರೆ. ಶಿರಂಗ ಯಾತ್ರೆಯಲ್ಲಿ ಭಾಗವಹಿಸುವ ಮೂಲಕ ಜನರನ್ನು ದಾರಿ ತಪ್ಪಿಸುತ್ತಿದ್ದಾರೆ. ಕ್ಷೇತ್ರದ ರಸ್ತೆಗಳು ಹದಗೆಟ್ಟಿದ್ದು ಮಳೆಗಾಲ ಆರಂಭವಾಗಿರುವುದರಿಂದ ಜನ ಸಂಚರಿಸಲು ಪರದಾಡುವಂತಾಗಿದೆ. ಮಂಗಳವಾರ ಶಾಸಕರು ಹಳೆ ಕಾಮಗಾರಿಗೆ ಪೂಜೆ ಸಲ್ಲಿಸಿರುವುದು ಸರಿಯಲ್ಲ. ಅಸ್ಪತ್ರೆ, ಜೂನಿಯರ್ ಕಾಲೇಜಿಗೆ ಲಿಫ್ಟ್ ಅಳವಡಿಕೆ, ಶಿಕ್ಷಣ ಸಂಸ್ಥೆಗಳ ಕಟ್ಟಡ ಕಾಮಗಾರಿಗಳು ಸಹ ಹಿಂದಿನ ಅವಧಿಯಲ್ಲೇ ಮಂಜೂರಾಗಿದ್ದವು. ನಗರ ಮಂಡಲ ಅಧ್ಯಕ್ಷ ಕೆ.ಆರ್. ಗಣೇಶಪ್ರಸಾದ್ ಮಾತನಾಡಿ, ನಗರದಲ್ಲಿ 31 ವಾರ್ಡ್‌ಗಳಿದ್ದು ನಡೆಯುತ್ತಿರುವುದು ಹಿಂದಿನ ಶಾಸಕರ ಅವಧಿಯಲ್ಲಿ ಮಂಜೂರಾದ ಕಾಮಗಾರಿಗಳು. ಕುಡಿಯುವ ನೀರಿನ ಯೋಜನೆಗೆ 30 ಕೋಟಿ ಮಂಜೂರಾಗಿತ್ತು. ಹೊಸ ಕಾಮಗಾರಿಗಳ ಬಗ್ಗೆ ಶಾಸಕರು ಸ್ಪಷ್ಟನೆ ನೀಡಬೇಕು ಎಂದರು. ನಗರಸಭೆ ಸದಸ್ಯರಾದ ಮಧುರಾ ಶಿವಾನಂದ, ಪ್ರೇಮ ಸಿಂಗ್, ಬಿಜೆಪಿ ಪ್ರಮುಖರಾದ ಸಂತೋಷ್ ಶೇಟ್, ಪರಶುರಾಮ್, ಶಿವಕುಮಾರ್, ಸುರೇಶ್, ಸತೀಶ್ ಕೆ., ಸಂತೋಷ್, ಗೌತಮ್ ಹಾಜರಿದ್ದರು.
ಹಿಂದಿನ ಶಾಸಕರ ಅವಧಿಯಲ್ಲಿ ಮಂಜೂರಾಗಿ ಪ್ರಾರಂಭವಾಗಿದ್ದ ಕಾಮಗಾರಿಗಳಿಗೆ ಈಗಿನ ಶಾಸಕರು ಪುನಃ ಗುದ್ದಲಿಪೂಜೆ ನೆರವೇರಿಸುತ್ತಿರುವುದು ಹಾಸ್ಯಾಸ್ಪದ ಎಂದು ಬಿಜೆಪಿ ಗ್ರಾಮಾಂತರ ಮಂಡಲ ಅಧ್ಯಕ್ಷ ದೇವೇಂದ್ರಪ್ಪ ಯಲಕುಂದ್ಲಿ ಟೀಕಿಸಿದರು. ಪತ್ರಿಕಾಗೋಷ್ಠಿಯಲ್ಲಿ ಮಾತನಾಡಿದ ಅವರು, ಮಾಜಿ ಶಾಸಕ ಹರತಾಳು ಹಾಲಪ್ಪ ಅವರ ಅವಧಿಯಲ್ಲಿ ಹಲವು ಅಭಿವೃದ್ಧಿ ಕಾಮಗಾರಿಗಳು ಮಂಜೂರಾಗಿದ್ದು ಕೆಲವು ಪೂರ್ಣಗೊಂಡಿವೆ. ಕಳೆದ ಎರಡು ವರ್ಷಗಳಿಂದ ಕ್ಷೇತ್ರದಲ್ಲಿ ಯಾವುದೇ ಹೊಸ ಯೋಜನೆಗಳಿಗೆ ಅನುದಾನ ತರಲು ಶಾಸಕರು ವಿಫಲರಾಗಿದ್ದಾರೆ. ಶಿರಂಗ ಯಾತ್ರೆಯಲ್ಲಿ ಭಾಗವಹಿಸುವ ಮೂಲಕ ಜನರನ್ನು ದಾರಿ ತಪ್ಪಿಸುತ್ತಿದ್ದಾರೆ. ಕ್ಷೇತ್ರದ ರಸ್ತೆಗಳು ಹದಗೆಟ್ಟಿದ್ದು ಮಳೆಗಾಲ ಆರಂಭವಾಗಿರುವುದರಿಂದ ಜನ ಸಂಚರಿಸಲು ಪರದಾಡುವಂತಾಗಿದೆ. ಮಂಗಳವಾರ ಶಾಸಕರು ಹಳೆ ಕಾಮಗಾರಿಗೆ ಪೂಜೆ ಸಲ್ಲಿಸಿರುವುದು ಸರಿಯಲ್ಲ. ಅಸ್ಪತ್ರೆ, ಜೂನಿಯರ್ ಕಾಲೇಜಿಗೆ ಲಿಫ್ಟ್ ಅಳವಡಿಕೆ, ಶಿಕ್ಷಣ ಸಂಸ್ಥೆಗಳ ಕಟ್ಟಡ ಕಾಮಗಾರಿಗಳು ಸಹ ಹಿಂದಿನ ಅವಧಿಯಲ್ಲೇ ಮಂಜೂರಾಗಿದ್ದವು. ನಗರ ಮಂಡಲ ಅಧ್ಯಕ್ಷ ಕೆ.ಆರ್. ಗಣೇಶಪ್ರಸಾದ್ ಮಾತನಾಡಿ, ನಗರದಲ್ಲಿ 31 ವಾರ್ಡ್‌ಗಳಿದ್ದು ನಡೆಯುತ್ತಿರುವುದು ಹಿಂದಿನ ಶಾಸಕರ ಅವಧಿಯಲ್ಲಿ ಮಂಜೂರಾದ ಕಾಮಗಾರಿಗಳು. ಕುಡಿಯುವ ನೀರಿನ ಯೋಜನೆಗೆ 30 ಕೋಟಿ ಮಂಜೂರಾಗಿತ್ತು. ಹೊಸ ಕಾಮಗಾರಿಗಳ ಬಗ್ಗೆ ಶಾಸಕರು ಸ್ಪಷ್ಟನೆ ನೀಡಬೇಕು ಎಂದರು. ನಗರಸಭೆ ಸದಸ್ಯರಾದ ಮಧುರಾ ಶಿವಾನಂದ, ಪ್ರೇಮ ಸಿಂಗ್, ಬಿಜೆಪಿ ಪ್ರಮುಖರಾದ ಸಂತೋಷ್ ಶೇಟ್, ಪರಶುರಾಮ್, ಶಿವಕುಮಾರ್, ಸುರೇಶ್, ಸತೀಶ್ ಕೆ., ಸಂತೋಷ್, ಗೌತಮ್ ಹಾಜರಿದ್ದರು.
ಇಂದಿರಾ ಕ್ಯಾಂಟೀನ್ ಉದ್ಘಾಟಿಸಿದ ಸಚಿವ ಮಧು ಬಂಗಾರಪ್ಪ ಜನರಿಗೆ ಅನುಕೂಲ ಕಲ್ಪಿಸುವುದು ಸರ್ಕಾರದ ಉದ್ದೇಶ
ಸೊರಬ: ಬಡವರ ಹಸಿವನ್ನು ನೀಗಿಸುವ ಉದ್ದೇಶದಿಂದ ಸರ್ಕಾರ ಇಂದಿರಾ ಕ್ಯಾಂಟೀನ್ ಆರಂಭಿಸಿದ್ದು, ಜನರಿಗೆ ಅನುಕೂಲ ಕಲ್ಪಿಸುವುದು ಸರ್ಕಾರದ ಮುಖ್ಯ ಉದ್ದೇಶವಾಗಿದೆ ಎಂದು ಶಾಲಾ ಶಿಕ್ಷಣ ಮತ್ತು ಸಾಕ್ಷರತಾ ಸಚಿವ ಮಧು ಬಂಗಾರಪ್ಪ ಹೇಳಿದರು. ಪಟ್ಟಣದ ಪುರಸಭೆ ಆವರಣದಲ್ಲಿ ನೂತನವಾಗಿ ನಿರ್ಮಿಸಿರುವ ಇಂದಿರಾ ಕ್ಯಾಂಟೀನ್ ಉದ್ಘಾಟಿಸಿ ಮಾತನಾಡಿದರು. ಕಡಿಮೆ ದರದಲ್ಲಿ ಗುಣಮಟ್ಟದ ಆಹಾರ ನೀಡುವ ಉದ್ದೇಶದಿಂದ ಈ ಕ್ಯಾಂಟೀನ್ ಆರಂಭಿಸಲಾಗಿದೆ. ಕೂಲಿ ಕಾರ್ಮಿಕರು, ವಿದ್ಯಾರ್ಥಿಗಳು, ರೈತರು ಹಾಗೂ ಬಡವರಿಗೆ ಇದು ಸಹಕಾರಿಯಾಗಲಿದೆ. ಪಂಚ ಗ್ಯಾರಂಟಿಗಳ ಮೂಲಕ ಸರ್ಕಾರ ಜನರ ಬದುಕಿಗೆ ಆಸರೆಯಾಗಿದೆ. ತಾಲ್ಲೂಕಿನಲ್ಲಿ ಕುಡಿಯುವ ನೀರು, ರಸ್ತೆ, ಶಾಲಾ ಕಟ್ಟಡಗಳ ನಿರ್ಮಾಣಕ್ಕೆ ಹೆಚ್ಚಿನ ಅನುದಾನ ನೀಡಲಾಗಿದೆ. ಸರ್ಕಾರ ಎಂದಿಗೂ ಬಡವರ ಪರವಾಗಿ ಕಾರ್ಯನಿರ್ವಹಿಸುತ್ತದೆ ಎಂದರು. ಸರ್ಕಾರಿ ಶಾಲೆಗಳ ಗುಣಮಟ್ಟ ಸುಧಾರಣೆಗೆ ಹಲವಾರು ಕ್ರಮ ಕೈಗೊಳ್ಳಲಾಗಿದೆ. ಮುಂದಿನ ದಿನಗಳಲ್ಲಿ ತಾಲ್ಲೂಕಿನ ಎಲ್ಲಾ ಶಾಲೆಗಳಿಗೆ ಡಿಜಿಟಲ್ ತರಗತಿ ವ್ಯವಸ್ಥೆ ಕಲ್ಪಿಸಲಾಗುವುದು. ಇದೇ ಸಂದರ್ಭದಲ್ಲಿ ಪುರಸಭೆ ಅಧ್ಯಕ್ಷ, ಸದಸ್ಯರು, ತಹಶೀಲ್ದಾರ್, ಮುಖ್ಯಾಧಿಕಾರಿ ಹಾಗೂ ಕಾಂಗ್ರೆಸ್ ಮುಖಂಡರು ಉಪಸ್ಥಿತರಿದ್ದರು. ಬ್ಲಾಕ್ ಕಾಂಗ್ರೆಸ್ ಅಧ್ಯಕ್ಷ ಜಿ.ಎಸ್. ರಾಜು, ತಾಪಂ ಇಒ ಪ್ರದೀಪ್, ಪಿಎಸ್ಐ ನಾಗರಾಜ್, ಸುಮಾ ರಾಜೇಶ್ ಸೇರಿದಂತೆ ಹಲವರು ಹಾಜರಿದ್ದರು.
ಕಾಫಿ ಮಂಡಳಿ ಮಾಜಿ ಸದಸ್ಯ ಡಿ.ಎಂ. ವಿಜಯ್ ಖಂಡನೆ ಜಮೀನನ್ನು ಡೀಮ್ಡ್ ಫಾರೆಸ್ಟ್ ಎಂದು ದಾಖಲು
ಚಿಕ್ಕಮಗಳೂರು: ಸುಮಾರು ವರ್ಷಗಳಿಂದ ಬೆಳೆಗಾರರು ಉಳುಮೆ ಮಾಡುತ್ತಿರುವ ಜಮೀನನ್ನು ಅರಣ್ಯ ಇಲಾಖೆ ಡೀಮ್ಡ್ ಫಾರೆಸ್ಟ್ ಎಂದು ದಾಖಲಿಸಿರುವುದು ಸರಿಯಲ್ಲ ಎಂದು ಕಾಫಿ ಮಂಡಳಿ ಮಾಜಿ ಸದಸ್ಯ ಡಿ.ಎಂ. ವಿಜಯ್ ಖಂಡಿಸಿದರು. ಪತ್ರಿಕಾಗೋಷ್ಠಿಯಲ್ಲಿ ಮಾತನಾಡಿದ ಅವರು, 1980ರ ಅರಣ್ಯ ಸಂರಕ್ಷಣಾ ಕಾಯ್ದೆ ಜಾರಿಗೆ ಬರುವ ಮೊದಲೇ ಈ ಭೂಮಿಯಲ್ಲಿ ಕೃಷಿ ಮಾಡಲಾಗುತ್ತಿದೆ. 1960-70 ರಲ್ಲಿ ಜಮೀನು ಮಂಜೂರಾಗಿದ್ದು ಕಂದಾಯ ದಾಖಲೆಗಳಿವೆ. ಉದ್ದೇಶಪೂರ್ವಕವಾಗಿ ಬೆಳೆಗಾರರಿಗೆ ತೊಂದರೆ ನೀಡಲಾಗುತ್ತಿದೆ. ಅರಣ್ಯ ಇಲಾಖೆ ಅಧಿಕಾರಿಗಳು ಕೂಡಲೇ ಈ ದಾಖಲೆಗಳನ್ನು ಸರಿಪಡಿಸಬೇಕು. ಇಲ್ಲದಿದ್ದಲ್ಲಿ ಬೆಳೆಗಾರರ ಸಂಘಟನೆಗಳೊಂದಿಗೆ ಸೇರಿ ಉಗ್ರ ಹೋರಾಟ ನಡೆಸಲಾಗುವುದು. ಜಮೀನಿನ ಮೇಲೆ ಬ್ಯಾಂಕ್ ಸಾಲ ಪಡೆದ ಬೆಳೆಗಾರರು ಸಂಕಷ್ಟಕ್ಕೆ ಸಿಲುಕಿದ್ದಾರೆ. ಸರ್ಕಾರ ಕೂಡಲೇ ಮಧ್ಯಪ್ರವೇಶಿಸಿ ಸಮಸ್ಯೆ ಬಗೆಹರಿಸಬೇಕು. ಜಿಲ್ಲೆಯ ಜನಪ್ರತಿನಿಧಿಗಳು ಈ ಬಗ್ಗೆ ಧ್ವನಿ ಎತ್ತಬೇಕು ಎಂದು ಒತ್ತಾಯಿಸಿದರು. ಗೋಷ್ಠಿಯಲ್ಲಿ ಬೆಳೆಗಾರರಾದ ಸುರೇಶ್, ಮಂಜುನಾಥ್, ಪೂರ್ಣೇಶ್, ಪ್ರಕಾಶ್, ಚಂದ್ರಶೇಖರ್, ಪುಟ್ಟೇಗೌಡ, ರವಿ ಮತ್ತಿತರರು ಹಾಜರಿದ್ದರು.
ಸುಮಾರು ವರ್ಷಗಳಿಂದ ಬೆಳೆಗಾರರು ಉಳುಮೆ ಮಾಡುತ್ತಿರುವ ಜಮೀನನ್ನು ಅರಣ್ಯ ಇಲಾಖೆ ಡೀಮ್ಡ್ ಫಾರೆಸ್ಟ್ ಎಂದು ದಾಖಲಿಸಿರುವುದು ಸರಿಯಲ್ಲ ಎಂದು ಕಾಫಿ ಮಂಡಳಿ ಮಾಜಿ ಸದಸ್ಯ ಡಿ.ಎಂ. ವಿಜಯ್ ಖಂಡಿಸಿದರು. ಪತ್ರಿಕಾಗೋಷ್ಠಿಯಲ್ಲಿ ಮಾತನಾಡಿದ ಅವರು, 1980ರ ಅರಣ್ಯ ಸಂರಕ್ಷಣಾ ಕಾಯ್ದೆ ಜಾರಿಗೆ ಬರುವ ಮೊದಲೇ ಈ ಭೂಮಿಯಲ್ಲಿ ಕೃಷಿ ಮಾಡಲಾಗುತ್ತಿದೆ. 1960-70 ರಲ್ಲಿ ಜಮೀನು ಮಂಜೂರಾಗಿದ್ದು ಕಂದಾಯ ದಾಖಲೆಗಳಿವೆ. ಉದ್ದೇಶಪೂರ್ವಕವಾಗಿ ಬೆಳೆಗಾರರಿಗೆ ತೊಂದರೆ ನೀಡಲಾಗುತ್ತಿದೆ. ಅರಣ್ಯ ಇಲಾಖೆ ಅಧಿಕಾರಿಗಳು ಕೂಡಲೇ ಈ ದಾಖಲೆಗಳನ್ನು ಸರಿಪಡಿಸಬೇಕು. ಇಲ್ಲದಿದ್ದಲ್ಲಿ ಬೆಳೆಗಾರರ ಸಂಘಟನೆಗಳೊಂದಿಗೆ ಸೇರಿ ಉಗ್ರ ಹೋರಾಟ ನಡೆಸಲಾಗುವುದು. ಜಮೀನಿನ ಮೇಲೆ ಬ್ಯಾಂಕ್ ಸಾಲ ಪಡೆದ ಬೆಳೆಗಾರರು ಸಂಕಷ್ಟಕ್ಕೆ ಸಿಲುಕಿದ್ದಾರೆ. ಸರ್ಕಾರ ಕೂಡಲೇ ಮಧ್ಯಪ್ರವೇಶಿಸಿ ಸಮಸ್ಯೆ ಬಗೆಹರಿಸಬೇಕು. ಜಿಲ್ಲೆಯ ಜನಪ್ರತಿನಿಧಿಗಳು ಈ ಬಗ್ಗೆ ಧ್ವನಿ ಎತ್ತಬೇಕು ಎಂದು ಒತ್ತಾಯಿಸಿದರು. ಗೋಷ್ಠಿಯಲ್ಲಿ ಬೆಳೆಗಾರರಾದ ಸುರೇಶ್, ಮಂಜುನಾಥ್, ಪೂರ್ಣೇಶ್, ಪ್ರಕಾಶ್, ಚಂದ್ರಶೇಖರ್, ಪುಟ್ಟೇಗೌಡ, ರವಿ ಮತ್ತಿತರರು ಹಾಜರಿದ್ದರು.
ಲೇಖಕಿ ಲಕ್ಷ್ಮೀ ಶ್ಯಾಮರಾವ್‌ಗೆ ಅಭಿನಂದನೆ
ಚಿಕ್ಕಮಗಳೂರು: ಕನ್ನಡ ಸಾಹಿತ್ಯ ಪರಿಷತ್ತು ತಾಲ್ಲೂಕು ಘಟಕದ ಪ್ರಥಮ ಮಹಿಳಾ ಸಮ್ಮೇಳನಾಧ್ಯಕ್ಷರಾಗಿ ಆಯ್ಕೆಯಾದ ಲೇಖಕಿ ಲಕ್ಷ್ಮೀ ಶ್ಯಾಮರಾವ್ ಅವರನ್ನು ಜಿಲ್ಲಾ ಕಸಾಪ ವತಿಯಿಂದ ಅಭಿನಂದಿಸಲಾಯಿತು. ಕಸಾಪ ಜಿಲ್ಲಾಧ್ಯಕ್ಷ ಸೂರಿ ಶ್ರೀನಿವಾಸ್ ಮಾತನಾಡಿ, ಜೂನ್ 14ರಂದು ನಡೆಯುವ ಸಮ್ಮೇಳನದ ಅಧ್ಯಕ್ಷತೆಯನ್ನು ಲಕ್ಷ್ಮೀ ಶ್ಯಾಮರಾವ್ ವಹಿಸಲಿದ್ದಾರೆ. ಅವರು ಸಾಹಿತ್ಯ ಕ್ಷೇತ್ರಕ್ಕೆ ನೀಡಿದ ಕೊಡುಗೆ ಅಪಾರ. ಕಥೆ, ಕವನ, ಲೇಖನಗಳ ಮೂಲಕ ಓದುಗರ ಮನಸ್ಸನ್ನು ಗೆದ್ದಿದ್ದಾರೆ. ಮಹಿಳೆಯೊಬ್ಬರು ಸಮ್ಮೇಳನದ ಅಧ್ಯಕ್ಷರಾಗಿರುವುದು ಹೆಮ್ಮೆಯ ಸಂಗತಿ ಎಂದರು. ಸನ್ಮಾನ ಸ್ವೀಕರಿಸಿ ಮಾತನಾಡಿದ ಲಕ್ಷ್ಮೀ ಶ್ಯಾಮರಾವ್, ಕನ್ನಡ ಸಾಹಿತ್ಯದ ಸೇವೆಗೆ ಅವಕಾಶ ನೀಡಿರುವುದು ಸಂತಸ ತಂದಿದೆ. ಸಮ್ಮೇಳನವನ್ನು ಯಶಸ್ವಿಗೊಳಿಸಲು ಎಲ್ಲರೂ ಸಹಕರಿಸಬೇಕು. ಸಾಹಿತ್ಯ ಸಮಾಜದ ಕನ್ನಡಿ, ಯುವ ಪೀಳಿಗೆ ಓದುವ ಹವ್ಯಾಸ ಬೆಳೆಸಿಕೊಳ್ಳಬೇಕು ಎಂದರು. ತಾಲ್ಲೂಕು ಕಸಾಪ ಅಧ್ಯಕ್ಷ ಕುಂದೂರು ಅಶೋಕ್, ಗೌರವ ಕಾರ್ಯದರ್ಶಿ ಎಂ. ಸುಂದರೇಶ್, ಕೋಶಾಧ್ಯಕ್ಷ ಮೆಹಬೂಬ್ ಅಲಿ, ಪದಾಧಿಕಾರಿಗಳಾದ ದಯಾನಂದ, ಮಹಾಲಕ್ಷ್ಮೀ, ರತ್ನಾ ಸುರೇಶ್ ಸೇರಿದಂತೆ ಹಲವರು ಉಪಸ್ಥಿತರಿದ್ದರು.
